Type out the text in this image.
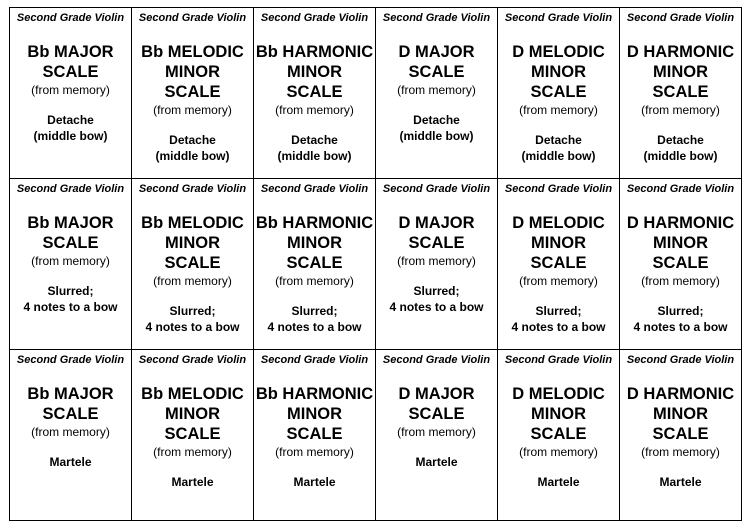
Second Grade Violin
Bb MAJOR
SCALE
(from memory)
Detache
(middle bow)
Second Grade Violin
Bb MELODIC
MINOR
SCALE
(from memory)
Detache
(middle bow)
Second Grade Violin
Bb HARMONIC
MINOR
SCALE
(from memory)
Detache
(middle bow)
Second Grade Violin
D MAJOR
SCALE
(from memory)
Detache
(middle bow)
Second Grade Violin
D MELODIC
MINOR
SCALE
(from memory)
Detache
(middle bow)
Second Grade Violin
D HARMONIC
MINOR
SCALE
(from memory)
Detache
(middle bow)
Second Grade Violin
Bb MAJOR
SCALE
(from memory)
Slurred;
4 notes to a bow
Second Grade Violin
Bb MELODIC
MINOR
SCALE
(from memory)
Slurred;
4 notes to a bow
Second Grade Violin
Bb HARMONIC
MINOR
SCALE
(from memory)
Slurred;
4 notes to a bow
Second Grade Violin
D MAJOR
SCALE
(from memory)
Slurred;
4 notes to a bow
Second Grade Violin
D MELODIC
MINOR
SCALE
(from memory)
Slurred;
4 notes to a bow
Second Grade Violin
D HARMONIC
MINOR
SCALE
(from memory)
Slurred;
4 notes to a bow
Second Grade Violin
Bb MAJOR
SCALE
(from memory)
Martele
Second Grade Violin
Bb MELODIC
MINOR
SCALE
(from memory)
Martele
Second Grade Violin
Bb HARMONIC
MINOR
SCALE
(from memory)
Martele
Second Grade Violin
D MAJOR
SCALE
(from memory)
Martele
Second Grade Violin
D MELODIC
MINOR
SCALE
(from memory)
Martele
Second Grade Violin
D HARMONIC
MINOR
SCALE
(from memory)
Martele
